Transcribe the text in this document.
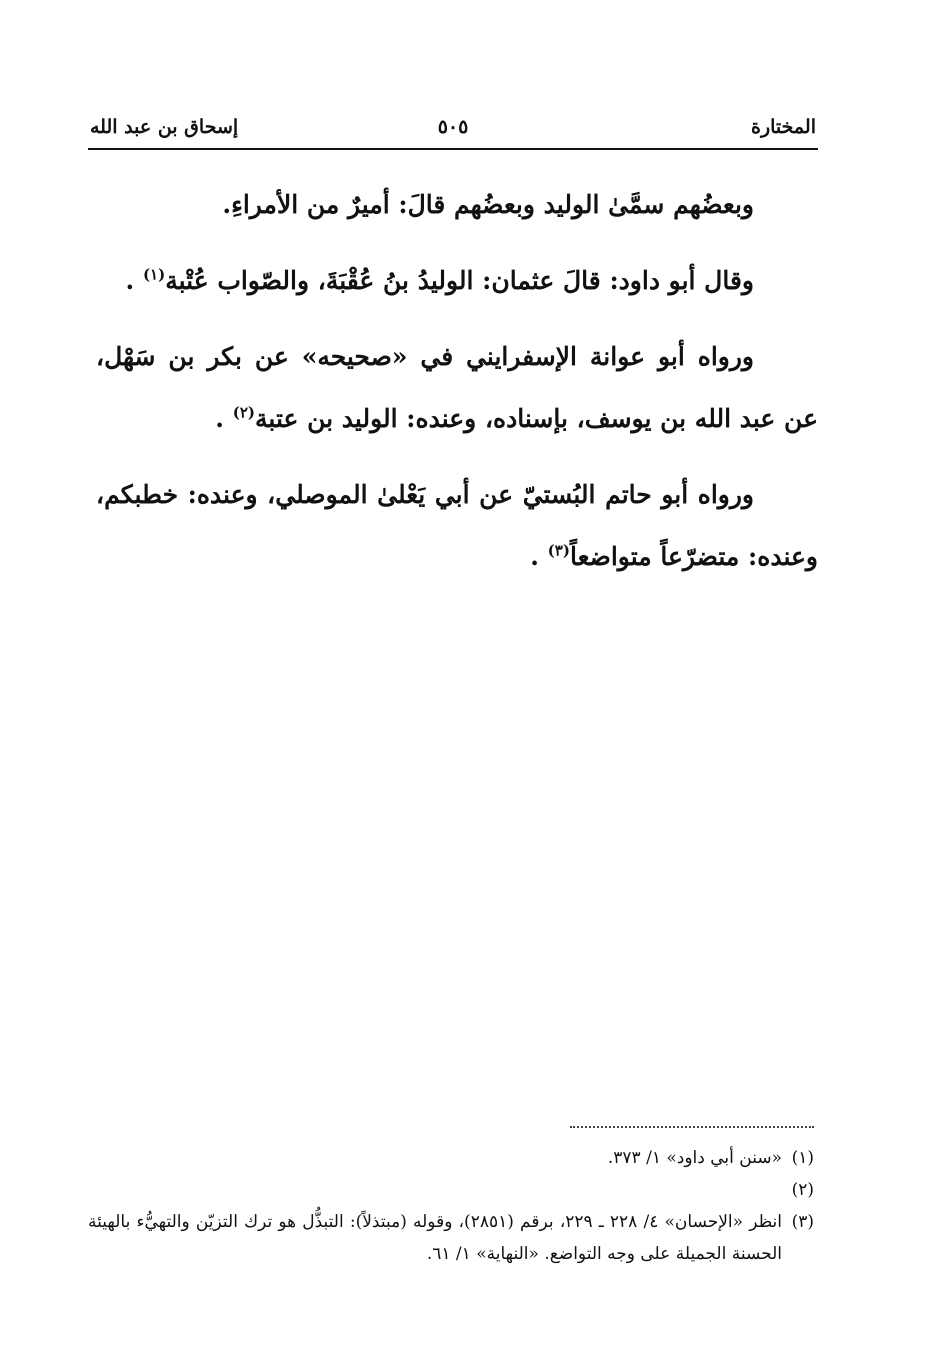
المختارة
٥٠٥
إسحاق بن عبد الله

وبعضُهم سمَّىٰ الوليد وبعضُهم قالَ: أميرٌ من الأمراءِ.

وقال أبو داود: قالَ عثمان: الوليدُ بنُ عُقْبَةَ، والصّواب عُتْبة$^{(١)}$ .

ورواه أبو عوانة الإسفرايني في «صحيحه» عن بكر بن سَهْل، عن عبد الله بن يوسف، بإسناده، وعنده: الوليد بن عتبة$^{(٢)}$ .

ورواه أبو حاتم البُستيّ عن أبي يَعْلىٰ الموصلي، وعنده: خطبكم، وعنده: متضرّعاً متواضعاً$^{(٣)}$ .

(١)
«سنن أبي داود» ١/ ٣٧٣.

(٢)

(٣)
انظر «الإحسان» ٤/ ٢٢٨ ـ ٢٢٩، برقم (٢٨٥١)، وقوله (مبتذلاً): التبذُّل هو ترك التزيّن والتهيُّء بالهيئة الحسنة الجميلة على وجه التواضع. «النهاية» ١/ ٦١.
